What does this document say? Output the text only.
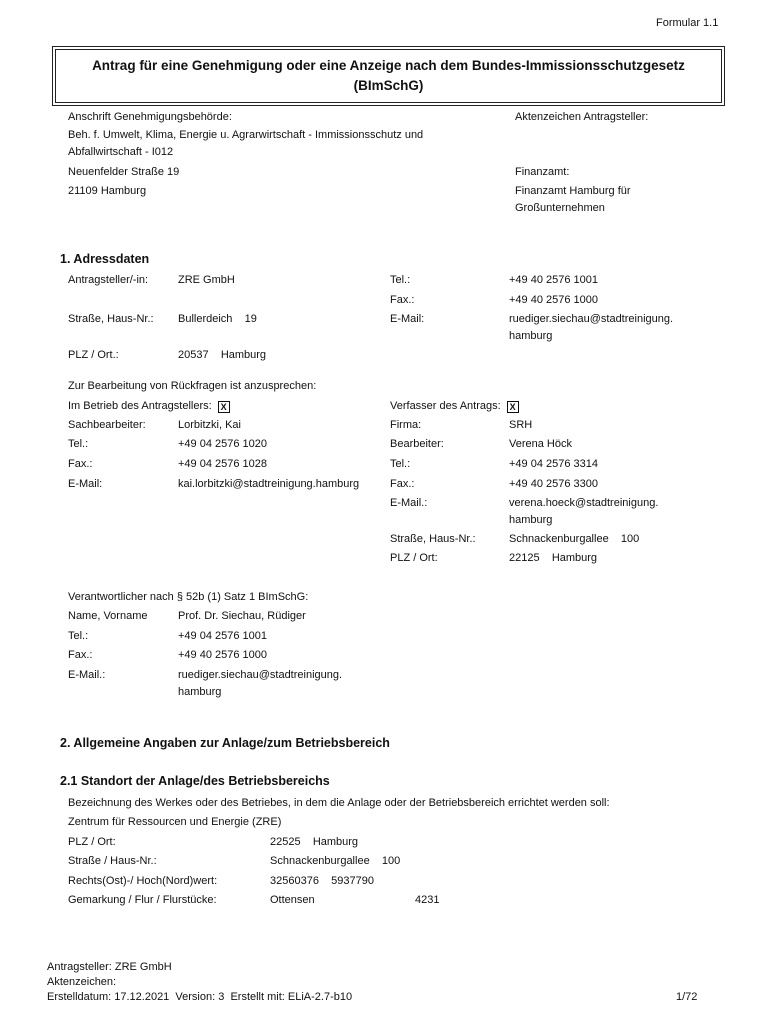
Formular 1.1
Antrag für eine Genehmigung oder eine Anzeige nach dem Bundes-Immissionsschutzgesetz
(BImSchG)
Anschrift Genehmigungsbehörde:
Beh. f. Umwelt, Klima, Energie u. Agrarwirtschaft - Immissionsschutz und
Abfallwirtschaft - I012
Neuenfelder Straße 19
21109 Hamburg
Aktenzeichen Antragsteller:
Finanzamt:
Finanzamt Hamburg für
Großunternehmen
1. Adressdaten
Antragsteller/-in:	ZRE GmbH	Tel.:	+49 40 2576 1001
Fax.:	+49 40 2576 1000
Straße, Haus-Nr.: Bullerdeich    19	E-Mail:	ruediger.siechau@stadtreinigung.
hamburg
PLZ / Ort.:	20537    Hamburg
Zur Bearbeitung von Rückfragen ist anzusprechen:
Im Betrieb des Antragstellers: X	Verfasser des Antrags: X
Sachbearbeiter:	Lorbitzki, Kai
Tel.:	+49 04 2576 1020
Fax.:	+49 04 2576 1028
E-Mail:	kai.lorbitzki@stadtreinigung.hamburg
Firma:	SRH
Bearbeiter:	Verena Höck
Tel.:	+49 04 2576 3314
Fax.:	+49 40 2576 3300
E-Mail.:	verena.hoeck@stadtreinigung.
hamburg
Straße, Haus-Nr.:	Schnackenburgallee    100
PLZ / Ort:	22125    Hamburg
Verantwortlicher nach § 52b (1) Satz 1 BImSchG:
Name, Vorname	Prof. Dr. Siechau, Rüdiger
Tel.:	+49 04 2576 1001
Fax.:	+49 40 2576 1000
E-Mail.:	ruediger.siechau@stadtreinigung.
hamburg
2. Allgemeine Angaben zur Anlage/zum Betriebsbereich
2.1 Standort der Anlage/des Betriebsbereichs
Bezeichnung des Werkes oder des Betriebes, in dem die Anlage oder der Betriebsbereich errichtet werden soll:
Zentrum für Ressourcen und Energie (ZRE)
PLZ / Ort:	22525    Hamburg
Straße / Haus-Nr.:	Schnackenburgallee    100
Rechts(Ost)-/ Hoch(Nord)wert:	32560376    5937790
Gemarkung / Flur / Flurstücke:	Ottensen	4231
Antragsteller: ZRE GmbH
Aktenzeichen:
Erstelldatum: 17.12.2021  Version: 3  Erstellt mit: ELiA-2.7-b10	1/72
